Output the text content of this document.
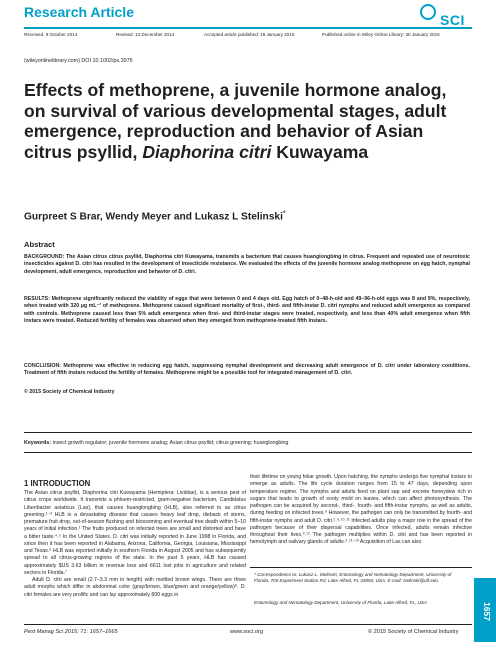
Research Article	SCI
Received: 9 October 2014	Revised: 12 December 2014	Accepted article published: 15 January 2015	Published online in Wiley Online Library: 30 January 2015
(wileyonlinelibrary.com) DOI 10.1002/ps.3975
Effects of methoprene, a juvenile hormone analog, on survival of various developmental stages, adult emergence, reproduction and behavior of Asian citrus psyllid, Diaphorina citri Kuwayama
Gurpreet S Brar, Wendy Meyer and Lukasz L Stelinski*
Abstract
BACKGROUND: The Asian citrus citrus psyllid, Diaphorina citri Kuwayama, transmits a bacterium that causes huanglongbing in citrus. Frequent and repeated use of neurotoxic insecticides against D. citri has resulted in the development of insecticide resistance. We evaluated the effects of the juvenile hormone analog methoprene on egg hatch, nymphal development, adult emergence, reproduction and behavior of D. citri.
RESULTS: Methoprene significantly reduced the viability of eggs that were between 0 and 4 days old. Egg hatch of 0–48-h-old and 49–96-h-old eggs was 8 and 9%, respectively, when treated with 320 µg mL⁻¹ of methoprene. Methoprene caused significant mortality of first-, third- and fifth-instar D. citri nymphs and reduced adult emergence as compared with controls. Methoprene caused less than 5% adult emergence when first- and third-instar stages were treated, respectively, and less than 40% adult emergence when fifth instars were treated. Reduced fertility of females was observed when they emerged from methoprene-treated fifth instars.
CONCLUSION: Methoprene was effective in reducing egg hatch, suppressing nymphal development and decreasing adult emergence of D. citri under laboratory conditions. Treatment of fifth instars reduced the fertility of females. Methoprene might be a possible tool for integrated management of D. citri.
© 2015 Society of Chemical Industry
Keywords: insect growth regulator; juvenile hormone analog; Asian citrus psyllid; citrus greening; huanglongbing
1 INTRODUCTION

The Asian citrus psyllid, Diaphorina citri Kuwayama (Hemiptera: Liviidae), is a serious pest of citrus crops worldwide. It transmits a phloem-restricted, gram-negative bacterium, Candidatus Liberibacter asiaticus (Las), that causes huanglongbing (HLB), also referred to as citrus greening.¹⁻³ HLB is a devastating disease that causes heavy leaf drop, dieback of stems, premature fruit drop, out-of-season flushing and blossoming and eventual tree death within 5–10 years of initial infection.¹ The fruits produced on infected trees are small and distorted and have a bitter taste.⁴˒⁵ In the United States, D. citri was initially reported in June 1998 in Florida, and since then it has been reported in Alabama, Arizona, California, Georgia, Louisiana, Mississippi and Texas.⁶ HLB was reported initially in southern Florida in August 2005 and has subsequently spread to all citrus-growing regions of the state. In the past 5 years, HLB has caused approximately $US 3.63 billion in revenue loss and 6611 lost jobs in agriculture and related sectors in Florida.⁷

Adult D. citri are small (2.7–3.3 mm in length) with mottled brown wings. There are three adult morphs which differ in abdominal color (gray/brown, blue/green and orange/yellow)⁸. D. citri females are very prolific and can lay approximately 800 eggs in

their lifetime on young foliar growth. Upon hatching, the nymphs undergo five nymphal instars to emerge as adults. The life cycle duration ranges from 15 to 47 days, depending upon temperature regime. The nymphs and adults feed on plant sap and excrete honeydew rich in sugars that leads to growth of sooty mold on leaves, which can affect photosynthesis. The pathogen can be acquired by second-, third-, fourth- and fifth-instar nymphs, as well as adults, during feeding on infected trees.⁹ However, the pathogen can only be transmitted by fourth- and fifth-instar nymphs and adult D. citri.¹˒⁹˒¹⁰˒¹¹ Infected adults play a major role in the spread of the pathogen because of their dispersal capabilities. Once infected, adults remain infective throughout their lives.⁹˒¹¹ The pathogen multiplies within D. citri and has been reported in hemolymph and salivary glands of adults.⁹˒¹¹⁻¹³ Acquisition of Las can also

* Correspondence to: Lukasz L. Stelinski, Entomology and Nematology Department, University of Florida, 700 Experiment Station Rd, Lake Alfred, FL 33850, USA. E-mail: stelinski@ufl.edu
Entomology and Nematology Department, University of Florida, Lake Alfred, FL, USA
Pest Manag Sci 2015; 71: 1657–1665	www.soci.org	© 2015 Society of Chemical Industry
1657
